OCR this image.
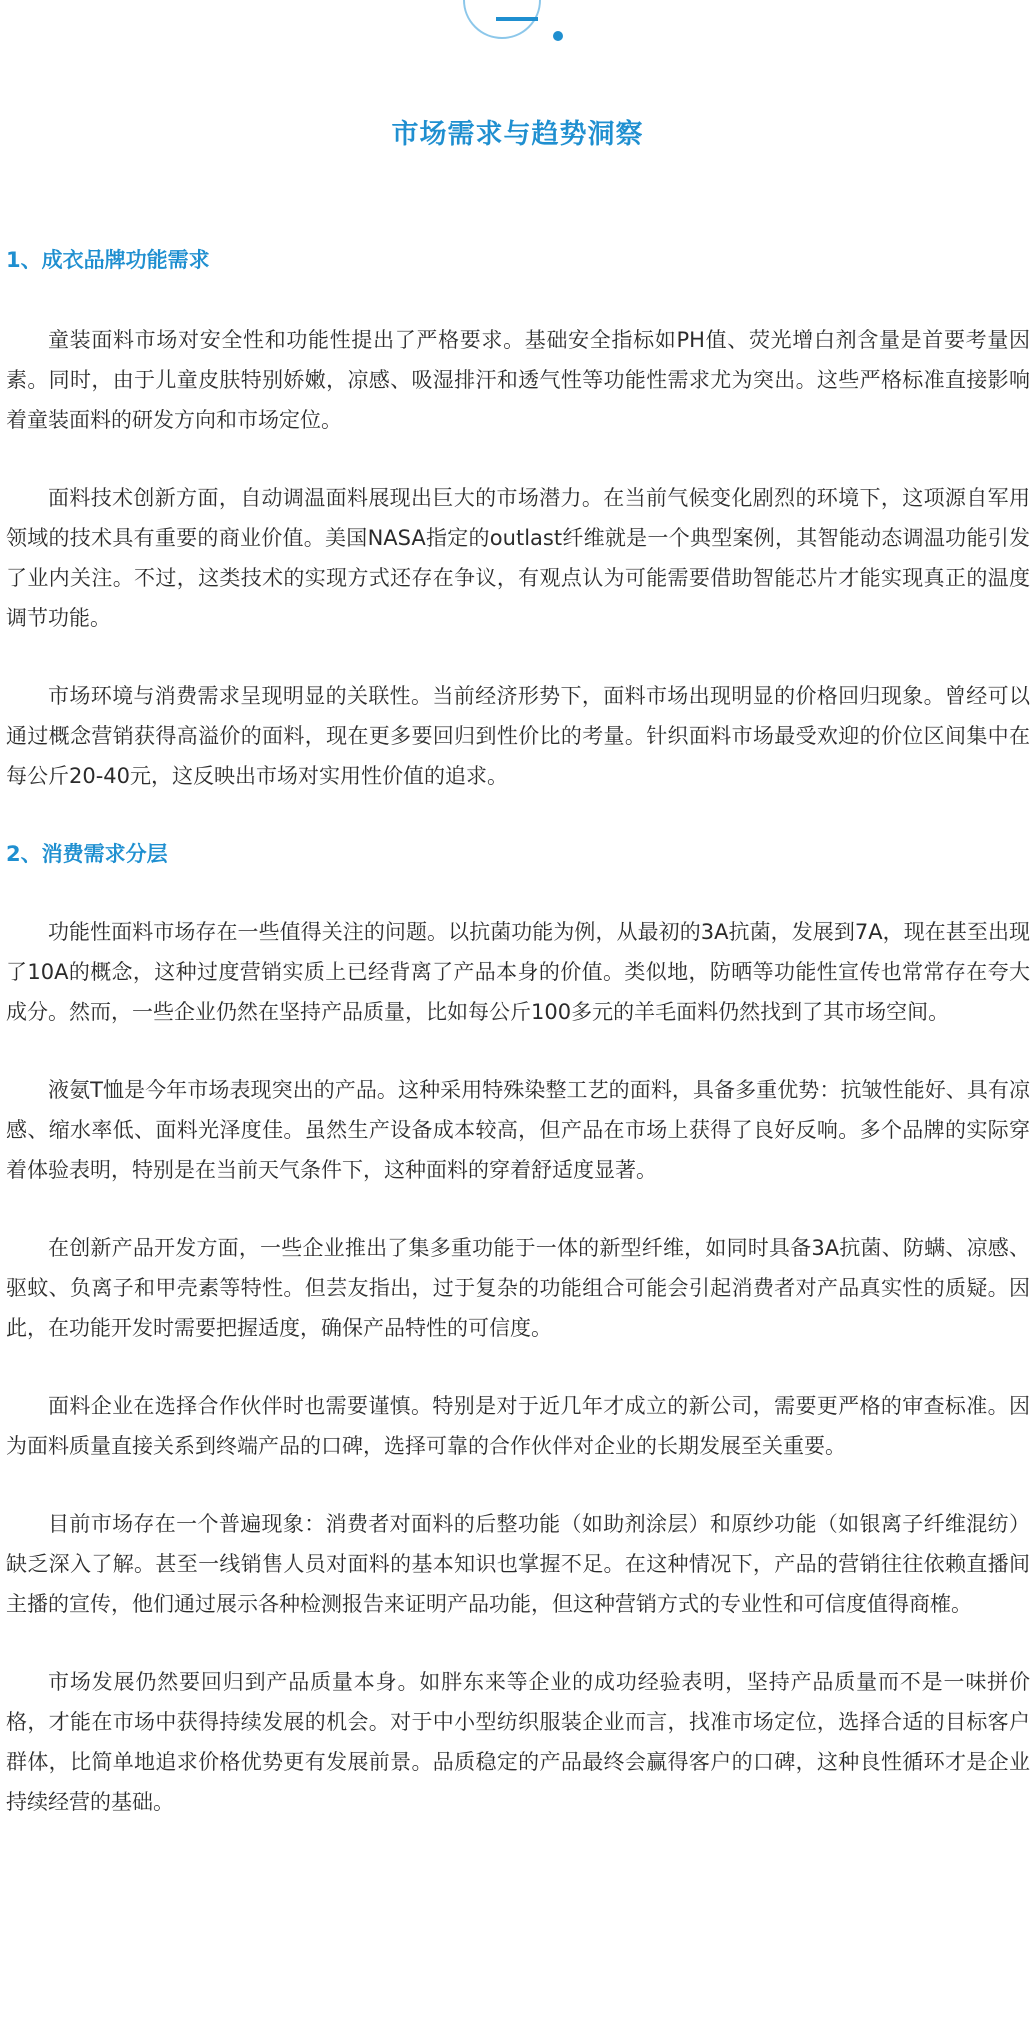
市场需求与趋势洞察
1、成衣品牌功能需求

童装面料市场对安全性和功能性提出了严格要求。基础安全指标如PH值、荧光增白剂含量是首要考量因素。同时，由于儿童皮肤特别娇嫩，凉感、吸湿排汗和透气性等功能性需求尤为突出。这些严格标准直接影响着童装面料的研发方向和市场定位。

面料技术创新方面，自动调温面料展现出巨大的市场潜力。在当前气候变化剧烈的环境下，这项源自军用领域的技术具有重要的商业价值。美国NASA指定的outlast纤维就是一个典型案例，其智能动态调温功能引发了业内关注。不过，这类技术的实现方式还存在争议，有观点认为可能需要借助智能芯片才能实现真正的温度调节功能。

市场环境与消费需求呈现明显的关联性。当前经济形势下，面料市场出现明显的价格回归现象。曾经可以通过概念营销获得高溢价的面料，现在更多要回归到性价比的考量。针织面料市场最受欢迎的价位区间集中在每公斤20-40元，这反映出市场对实用性价值的追求。

2、消费需求分层

功能性面料市场存在一些值得关注的问题。以抗菌功能为例，从最初的3A抗菌，发展到7A，现在甚至出现了10A的概念，这种过度营销实质上已经背离了产品本身的价值。类似地，防晒等功能性宣传也常常存在夸大成分。然而，一些企业仍然在坚持产品质量，比如每公斤100多元的羊毛面料仍然找到了其市场空间。

液氨T恤是今年市场表现突出的产品。这种采用特殊染整工艺的面料，具备多重优势：抗皱性能好、具有凉感、缩水率低、面料光泽度佳。虽然生产设备成本较高，但产品在市场上获得了良好反响。多个品牌的实际穿着体验表明，特别是在当前天气条件下，这种面料的穿着舒适度显著。

在创新产品开发方面，一些企业推出了集多重功能于一体的新型纤维，如同时具备3A抗菌、防螨、凉感、驱蚊、负离子和甲壳素等特性。但芸友指出，过于复杂的功能组合可能会引起消费者对产品真实性的质疑。因此，在功能开发时需要把握适度，确保产品特性的可信度。

面料企业在选择合作伙伴时也需要谨慎。特别是对于近几年才成立的新公司，需要更严格的审查标准。因为面料质量直接关系到终端产品的口碑，选择可靠的合作伙伴对企业的长期发展至关重要。

目前市场存在一个普遍现象：消费者对面料的后整功能（如助剂涂层）和原纱功能（如银离子纤维混纺）缺乏深入了解。甚至一线销售人员对面料的基本知识也掌握不足。在这种情况下，产品的营销往往依赖直播间主播的宣传，他们通过展示各种检测报告来证明产品功能，但这种营销方式的专业性和可信度值得商榷。

市场发展仍然要回归到产品质量本身。如胖东来等企业的成功经验表明，坚持产品质量而不是一味拼价格，才能在市场中获得持续发展的机会。对于中小型纺织服装企业而言，找准市场定位，选择合适的目标客户群体，比简单地追求价格优势更有发展前景。品质稳定的产品最终会赢得客户的口碑，这种良性循环才是企业持续经营的基础。
